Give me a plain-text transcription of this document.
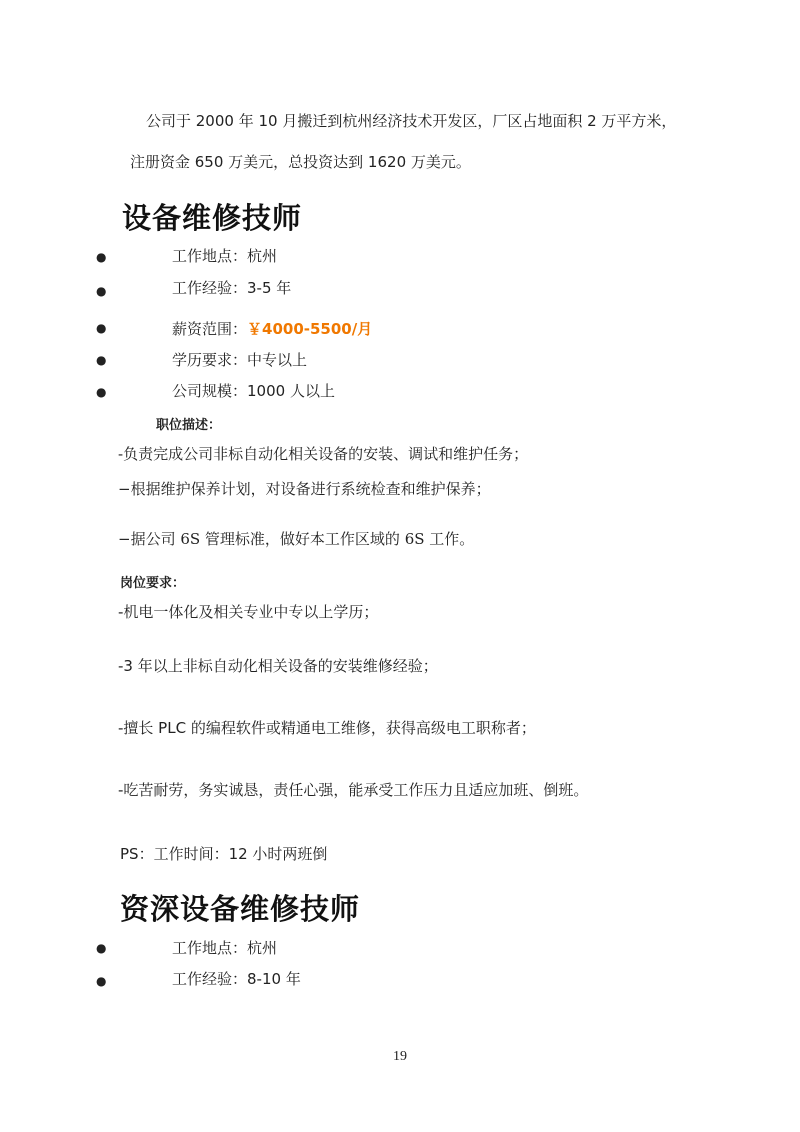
公司于 2000 年 10 月搬迁到杭州经济技术开发区，厂区占地面积 2 万平方米，
注册资金 650 万美元，总投资达到 1620 万美元。
设备维修技师
●	工作地点：杭州
●	工作经验：3-5 年
●	薪资范围：￥4000-5500/月
●	学历要求：中专以上
●	公司规模：1000 人以上
职位描述：
-负责完成公司非标自动化相关设备的安装、调试和维护任务；
−根据维护保养计划，对设备进行系统检查和维护保养；
−据公司 6S 管理标准，做好本工作区域的 6S 工作。
岗位要求：
-机电一体化及相关专业中专以上学历；
-3 年以上非标自动化相关设备的安装维修经验；
-擅长 PLC 的编程软件或精通电工维修，获得高级电工职称者；
-吃苦耐劳，务实诚恳，责任心强，能承受工作压力且适应加班、倒班。
PS：工作时间：12 小时两班倒
资深设备维修技师
●	工作地点：杭州
●	工作经验：8-10 年
19
